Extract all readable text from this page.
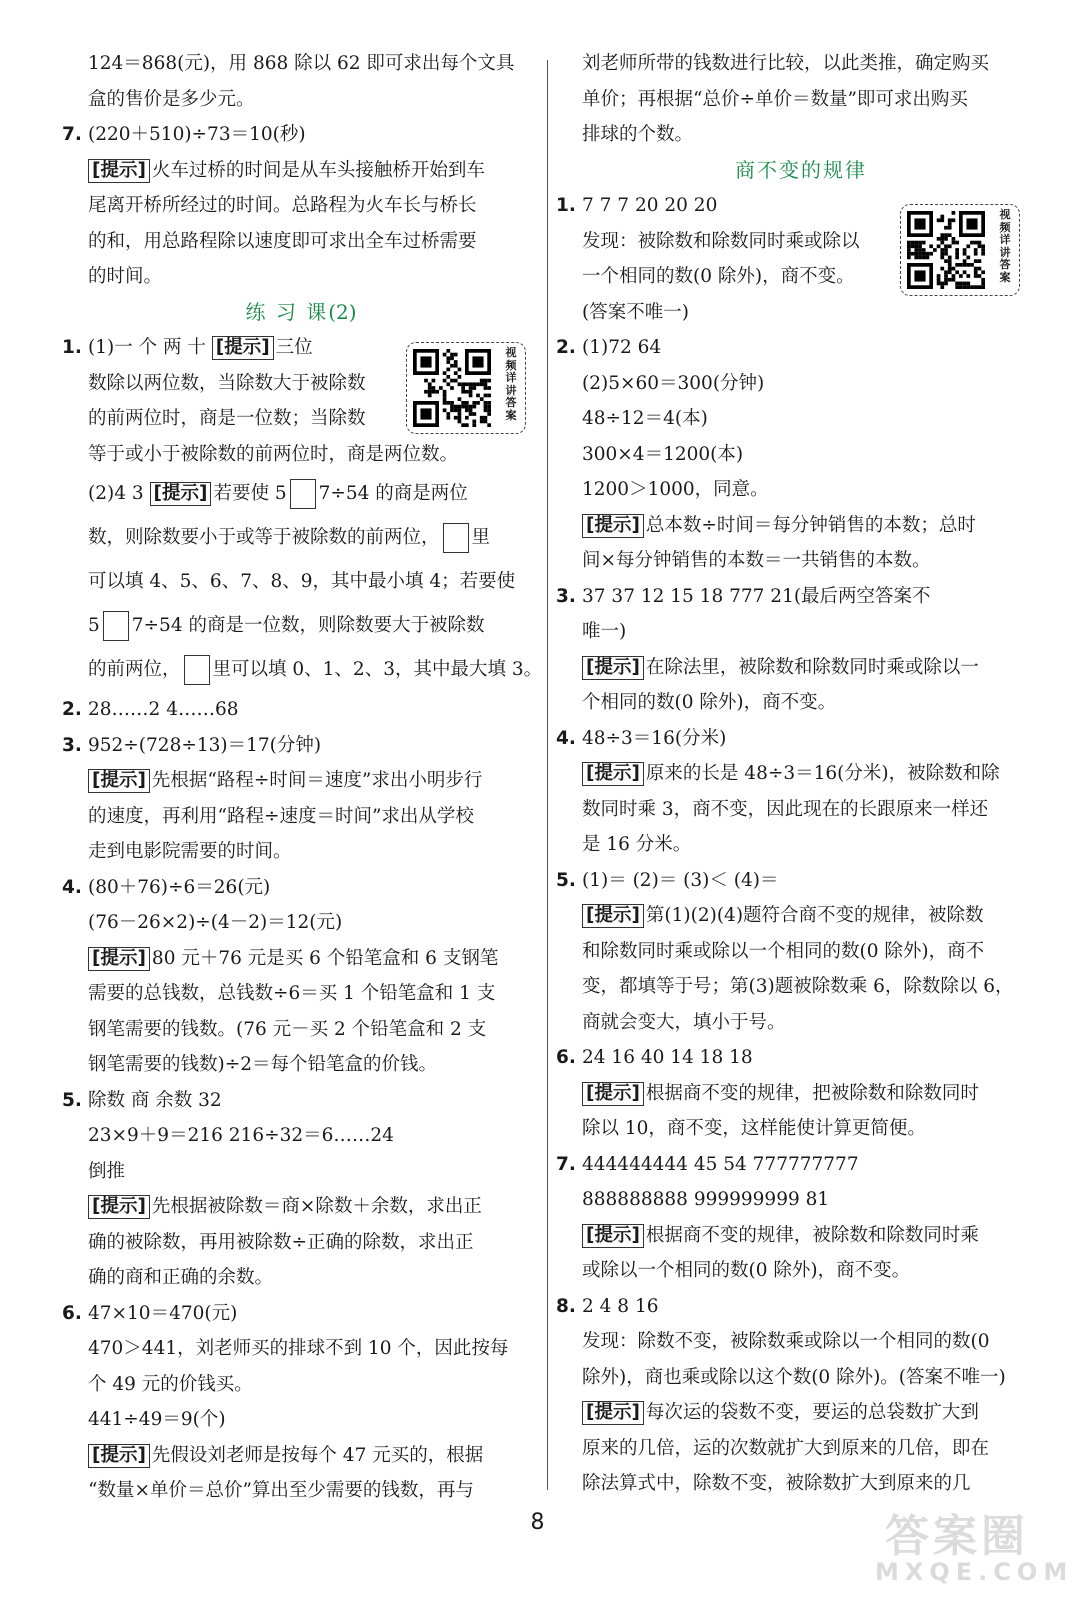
124＝868(元)，用 868 除以 62 即可求出每个文具
盒的售价是多少元。
7. (220＋510)÷73＝10(秒)
[提示] 火车过桥的时间是从车头接触桥开始到车
尾离开桥所经过的时间。总路程为火车长与桥长
的和，用总路程除以速度即可求出全车过桥需要
的时间。
练 习 课(2)
1. (1)一 个 两 十 [提示] 三位
数除以两位数，当除数大于被除数
的前两位时，商是一位数；当除数
等于或小于被除数的前两位时，商是两位数。
(2)4 3 [提示] 若要使 5 7÷54 的商是两位
数，则除数要小于或等于被除数的前两位， 里
可以填 4、5、6、7、8、9，其中最小填 4；若要使
5 7÷54 的商是一位数，则除数要大于被除数
的前两位， 里可以填 0、1、2、3，其中最大填 3。
2. 28……2 4……68
3. 952÷(728÷13)＝17(分钟)
[提示] 先根据“路程÷时间＝速度”求出小明步行
的速度，再利用“路程÷速度＝时间”求出从学校
走到电影院需要的时间。
4. (80＋76)÷6＝26(元)
(76－26×2)÷(4－2)＝12(元)
[提示] 80 元＋76 元是买 6 个铅笔盒和 6 支钢笔
需要的总钱数，总钱数÷6＝买 1 个铅笔盒和 1 支
钢笔需要的钱数。(76 元－买 2 个铅笔盒和 2 支
钢笔需要的钱数)÷2＝每个铅笔盒的价钱。
5. 除数 商 余数 32
23×9＋9＝216 216÷32＝6……24
倒推
[提示] 先根据被除数＝商×除数＋余数，求出正
确的被除数，再用被除数÷正确的除数，求出正
确的商和正确的余数。
6. 47×10＝470(元)
470＞441，刘老师买的排球不到 10 个，因此按每
个 49 元的价钱买。
441÷49＝9(个)
[提示] 先假设刘老师是按每个 47 元买的，根据
“数量×单价＝总价”算出至少需要的钱数，再与
刘老师所带的钱数进行比较，以此类推，确定购买
单价；再根据“总价÷单价＝数量”即可求出购买
排球的个数。
商不变的规律
1. 7 7 7 20 20 20
发现：被除数和除数同时乘或除以
一个相同的数(0 除外)，商不变。
(答案不唯一)
2. (1)72 64
(2)5×60＝300(分钟)
48÷12＝4(本)
300×4＝1200(本)
1200＞1000，同意。
[提示] 总本数÷时间＝每分钟销售的本数；总时
间×每分钟销售的本数＝一共销售的本数。
3. 37 37 12 15 18 777 21(最后两空答案不
唯一)
[提示] 在除法里，被除数和除数同时乘或除以一
个相同的数(0 除外)，商不变。
4. 48÷3＝16(分米)
[提示] 原来的长是 48÷3＝16(分米)，被除数和除
数同时乘 3，商不变，因此现在的长跟原来一样还
是 16 分米。
5. (1)＝ (2)＝ (3)＜ (4)＝
[提示] 第(1)(2)(4)题符合商不变的规律，被除数
和除数同时乘或除以一个相同的数(0 除外)，商不
变，都填等于号；第(3)题被除数乘 6，除数除以 6，
商就会变大，填小于号。
6. 24 16 40 14 18 18
[提示] 根据商不变的规律，把被除数和除数同时
除以 10，商不变，这样能使计算更简便。
7. 444444444 45 54 777777777
888888888 999999999 81
[提示] 根据商不变的规律，被除数和除数同时乘
或除以一个相同的数(0 除外)，商不变。
8. 2 4 8 16
发现：除数不变，被除数乘或除以一个相同的数(0
除外)，商也乘或除以这个数(0 除外)。(答案不唯一)
[提示] 每次运的袋数不变，要运的总袋数扩大到
原来的几倍，运的次数就扩大到原来的几倍，即在
除法算式中，除数不变，被除数扩大到原来的几
视频详讲答案
视频详讲答案
8	答案圈
MXQE.COM
